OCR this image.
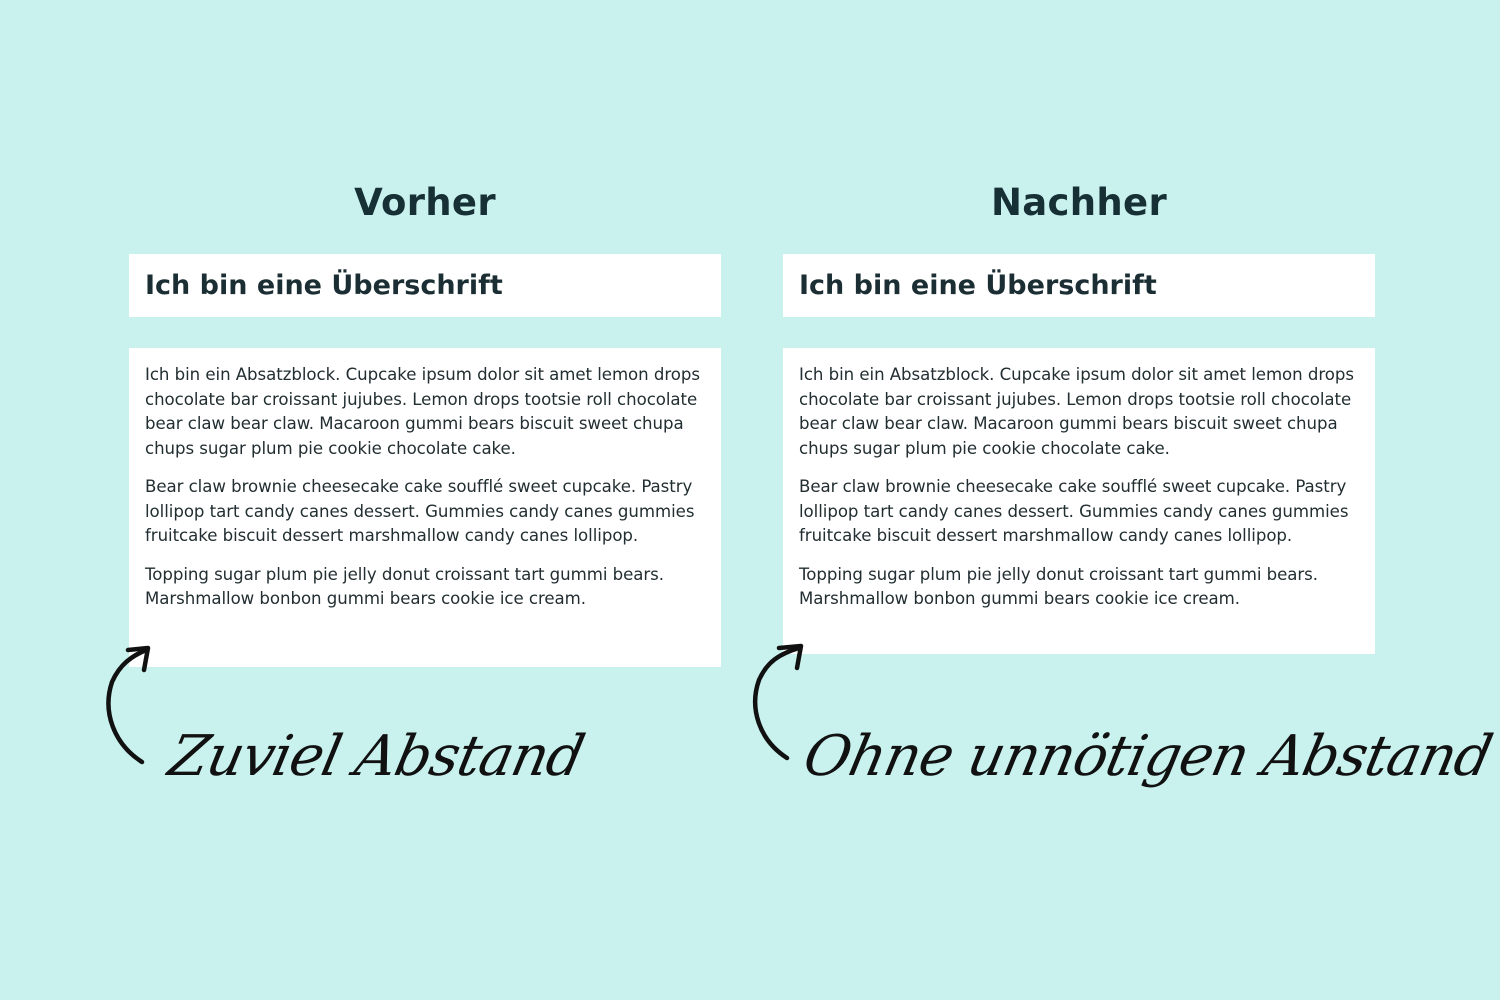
Vorher
Ich bin eine Überschrift

Ich bin ein Absatzblock. Cupcake ipsum dolor sit amet lemon drops chocolate bar croissant jujubes. Lemon drops tootsie roll chocolate bear claw bear claw. Macaroon gummi bears biscuit sweet chupa chups sugar plum pie cookie chocolate cake.

Bear claw brownie cheesecake cake soufflé sweet cupcake. Pastry lollipop tart candy canes dessert. Gummies candy canes gummies fruitcake biscuit dessert marshmallow candy canes lollipop.

Topping sugar plum pie jelly donut croissant tart gummi bears. Marshmallow bonbon gummi bears cookie ice cream.

Nachher
Ich bin eine Überschrift

Ich bin ein Absatzblock. Cupcake ipsum dolor sit amet lemon drops chocolate bar croissant jujubes. Lemon drops tootsie roll chocolate bear claw bear claw. Macaroon gummi bears biscuit sweet chupa chups sugar plum pie cookie chocolate cake.

Bear claw brownie cheesecake cake soufflé sweet cupcake. Pastry lollipop tart candy canes dessert. Gummies candy canes gummies fruitcake biscuit dessert marshmallow candy canes lollipop.

Topping sugar plum pie jelly donut croissant tart gummi bears. Marshmallow bonbon gummi bears cookie ice cream.

Zuviel Abstand	Ohne unnötigen Abstand
